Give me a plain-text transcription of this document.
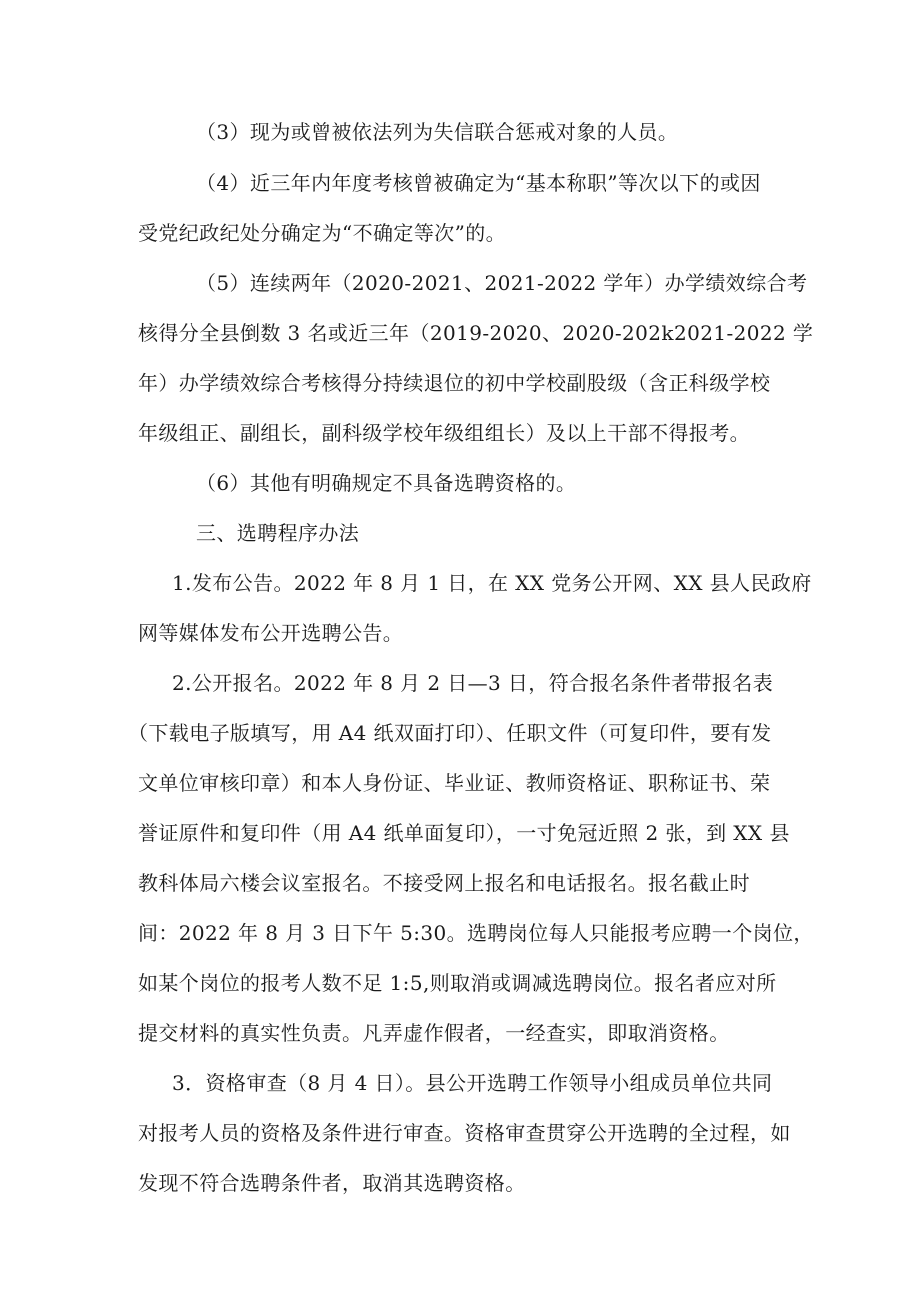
（3）现为或曾被依法列为失信联合惩戒对象的人员。
（4）近三年内年度考核曾被确定为“基本称职”等次以下的或因
受党纪政纪处分确定为“不确定等次”的。
（5）连续两年（2020-2021、2021-2022 学年）办学绩效综合考
核得分全县倒数 3 名或近三年（2019-2020、2020-202k2021-2022 学
年）办学绩效综合考核得分持续退位的初中学校副股级（含正科级学校
年级组正、副组长，副科级学校年级组组长）及以上干部不得报考。
（6）其他有明确规定不具备选聘资格的。
三、选聘程序办法
1.发布公告。2022 年 8 月 1 日，在 XX 党务公开网、XX 县人民政府
网等媒体发布公开选聘公告。
2.公开报名。2022 年 8 月 2 日—3 日，符合报名条件者带报名表
（下载电子版填写，用 A4 纸双面打印）、任职文件（可复印件，要有发
文单位审核印章）和本人身份证、毕业证、教师资格证、职称证书、荣
誉证原件和复印件（用 A4 纸单面复印），一寸免冠近照 2 张，到 XX 县
教科体局六楼会议室报名。不接受网上报名和电话报名。报名截止时
间：2022 年 8 月 3 日下午 5:30。选聘岗位每人只能报考应聘一个岗位，
如某个岗位的报考人数不足 1:5,则取消或调减选聘岗位。报名者应对所
提交材料的真实性负责。凡弄虚作假者，一经查实，即取消资格。
3．资格审查（8 月 4 日）。县公开选聘工作领导小组成员单位共同
对报考人员的资格及条件进行审查。资格审查贯穿公开选聘的全过程，如
发现不符合选聘条件者，取消其选聘资格。
